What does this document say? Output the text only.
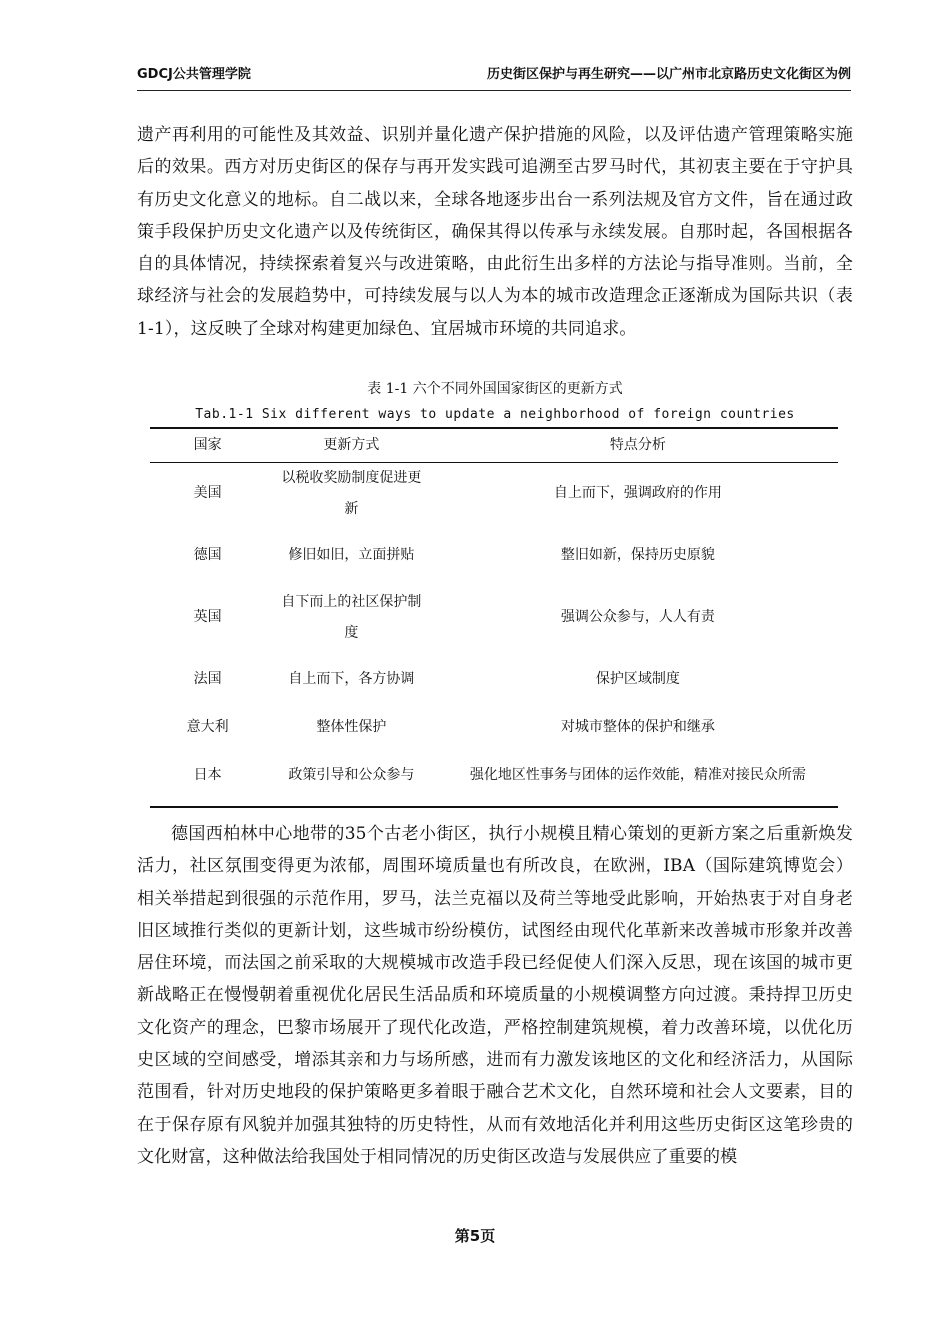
GDCJ公共管理学院	历史街区保护与再生研究——以广州市北京路历史文化街区为例
遗产再利用的可能性及其效益、识别并量化遗产保护措施的风险，以及评估遗产管理策略实施后的效果。西方对历史街区的保存与再开发实践可追溯至古罗马时代，其初衷主要在于守护具有历史文化意义的地标。自二战以来，全球各地逐步出台一系列法规及官方文件，旨在通过政策手段保护历史文化遗产以及传统街区，确保其得以传承与永续发展。自那时起，各国根据各自的具体情况，持续探索着复兴与改进策略，由此衍生出多样的方法论与指导准则。当前，全球经济与社会的发展趋势中，可持续发展与以人为本的城市改造理念正逐渐成为国际共识（表 1-1），这反映了全球对构建更加绿色、宜居城市环境的共同追求。
表 1-1 六个不同外国国家街区的更新方式
Tab.1-1 Six different ways to update a neighborhood of foreign countries
国家	更新方式	特点分析
美国	以税收奖励制度促进更新	自上而下，强调政府的作用
德国	修旧如旧，立面拼贴	整旧如新，保持历史原貌
英国	自下而上的社区保护制度	强调公众参与，人人有责
法国	自上而下，各方协调	保护区域制度
意大利	整体性保护	对城市整体的保护和继承
日本	政策引导和公众参与	强化地区性事务与团体的运作效能，精准对接民众所需
德国西柏林中心地带的35个古老小街区，执行小规模且精心策划的更新方案之后重新焕发活力，社区氛围变得更为浓郁，周围环境质量也有所改良，在欧洲，IBA（国际建筑博览会）相关举措起到很强的示范作用，罗马，法兰克福以及荷兰等地受此影响，开始热衷于对自身老旧区域推行类似的更新计划，这些城市纷纷模仿，试图经由现代化革新来改善城市形象并改善居住环境，而法国之前采取的大规模城市改造手段已经促使人们深入反思，现在该国的城市更新战略正在慢慢朝着重视优化居民生活品质和环境质量的小规模调整方向过渡。秉持捍卫历史文化资产的理念，巴黎市场展开了现代化改造，严格控制建筑规模，着力改善环境，以优化历史区域的空间感受，增添其亲和力与场所感，进而有力激发该地区的文化和经济活力，从国际范围看，针对历史地段的保护策略更多着眼于融合艺术文化，自然环境和社会人文要素，目的在于保存原有风貌并加强其独特的历史特性，从而有效地活化并利用这些历史街区这笔珍贵的文化财富，这种做法给我国处于相同情况的历史街区改造与发展供应了重要的模
第5页
